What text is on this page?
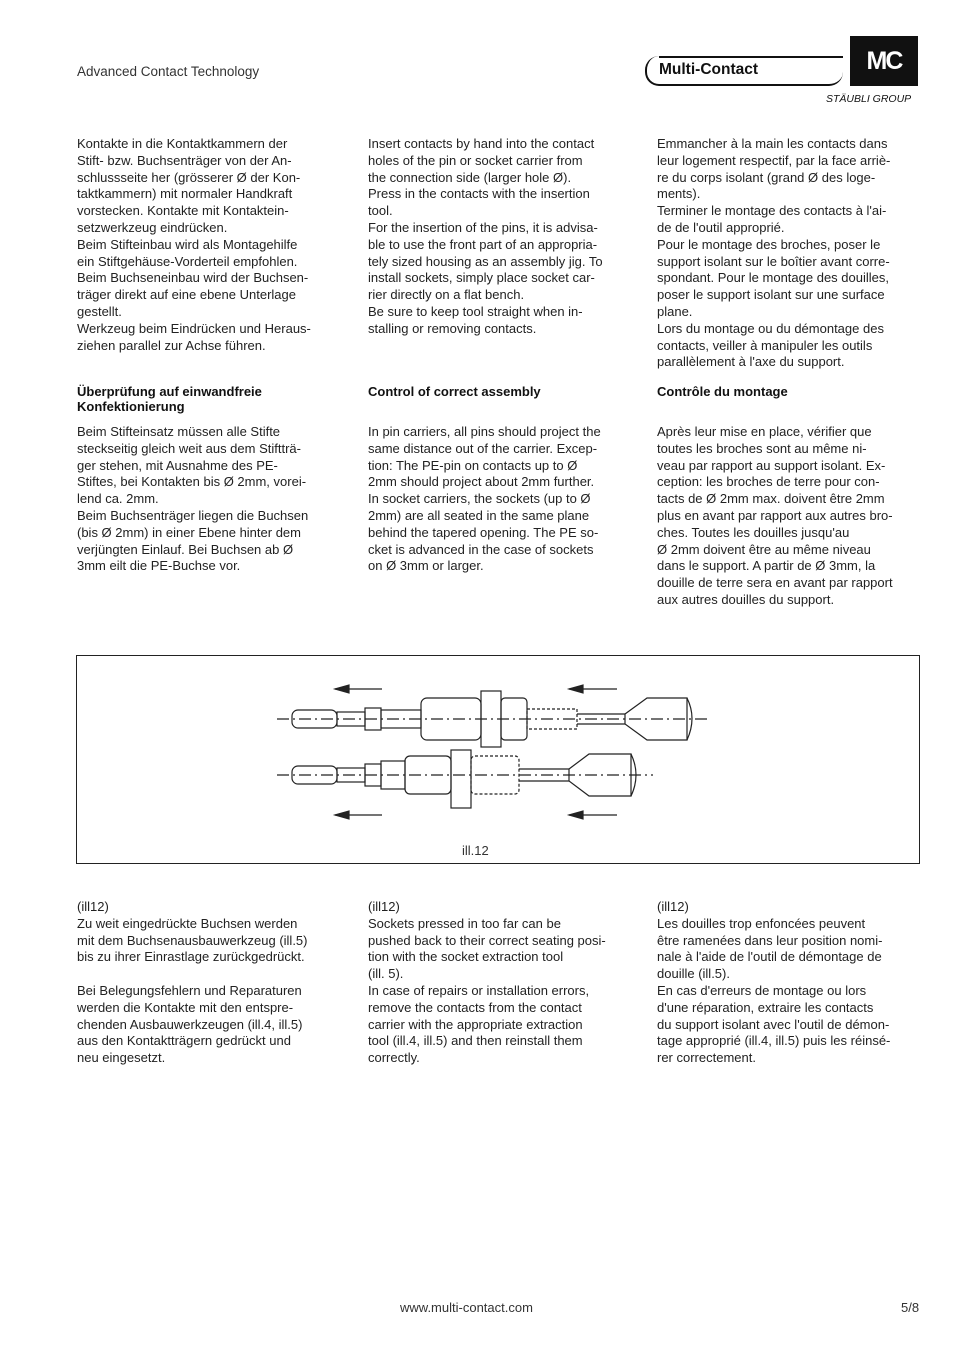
Advanced Contact Technology	Multi-Contact	MC
STÄUBLI GROUP

Kontakte in die Kontaktkammern der
Stift- bzw. Buchsenträger von der An-
schlussseite her (grösserer Ø der Kon-
taktkammern) mit normaler Handkraft
vorstecken. Kontakte mit Kontaktein-
setzwerkzeug eindrücken.
Beim Stifteinbau wird als Montagehilfe
ein Stiftgehäuse-Vorderteil empfohlen.
Beim Buchseneinbau wird der Buchsen-
träger direkt auf eine ebene Unterlage
gestellt.
Werkzeug beim Eindrücken und Heraus-
ziehen parallel zur Achse führen.

Insert contacts by hand into the contact
holes of the pin or socket carrier from
the connection side (larger hole Ø).
Press in the contacts with the insertion
tool.
For the insertion of the pins, it is advisa-
ble to use the front part of an appropria-
tely sized housing as an assembly jig. To
install sockets, simply place socket car-
rier directly on a flat bench.
Be sure to keep tool straight when in-
stalling or removing contacts.

Emmancher à la main les contacts dans
leur logement respectif, par la face arriè-
re du corps isolant (grand Ø des loge-
ments).
Terminer le montage des contacts à l'ai-
de de l'outil approprié.
Pour le montage des broches, poser le
support isolant sur le boîtier avant corre-
spondant. Pour le montage des douilles,
poser le support isolant sur une surface
plane.
Lors du montage ou du démontage des
contacts, veiller à manipuler les outils
parallèlement à l'axe du support.

Überprüfung auf einwandfreie
Konfektionierung

Control of correct assembly	Contrôle du montage

Beim Stifteinsatz müssen alle Stifte
steckseitig gleich weit aus dem Stiftträ-
ger stehen, mit Ausnahme des PE-
Stiftes, bei Kontakten bis Ø 2mm, vorei-
lend ca. 2mm.
Beim Buchsenträger liegen die Buchsen
(bis Ø 2mm) in einer Ebene hinter dem
verjüngten Einlauf. Bei Buchsen ab Ø
3mm eilt die PE-Buchse vor.

In pin carriers, all pins should project the
same distance out of the carrier. Excep-
tion: The PE-pin on contacts up to Ø
2mm should project about 2mm further.
In socket carriers, the sockets (up to Ø
2mm) are all seated in the same plane
behind the tapered opening. The PE so-
cket is advanced in the case of sockets
on Ø 3mm or larger.

Après leur mise en place, vérifier que
toutes les broches sont au même ni-
veau par rapport au support isolant. Ex-
ception: les broches de terre pour con-
tacts de Ø 2mm max. doivent être 2mm
plus en avant par rapport aux autres bro-
ches. Toutes les douilles jusqu'au
Ø 2mm doivent être au même niveau
dans le support. A partir de Ø 3mm, la
douille de terre sera en avant par rapport
aux autres douilles du support.

ill.12

(ill12)

Zu weit eingedrückte Buchsen werden
mit dem Buchsenausbauwerkzeug (ill.5)
bis zu ihrer Einrastlage zurückgedrückt.

Bei Belegungsfehlern und Reparaturen
werden die Kontakte mit den entspre-
chenden Ausbauwerkzeugen (ill.4, ill.5)
aus den Kontaktträgern gedrückt und
neu eingesetzt.

(ill12)

Sockets pressed in too far can be
pushed back to their correct seating posi-
tion with the socket extraction tool
(ill. 5).
In case of repairs or installation errors,
remove the contacts from the contact
carrier with the appropriate extraction
tool (ill.4, ill.5) and then reinstall them
correctly.

(ill12)

Les douilles trop enfoncées peuvent
être ramenées dans leur position nomi-
nale à l'aide de l'outil de démontage de
douille (ill.5).
En cas d'erreurs de montage ou lors
d'une réparation, extraire les contacts
du support isolant avec l'outil de démon-
tage approprié (ill.4, ill.5) puis les réinsé-
rer correctement.

www.multi-contact.com	5/8
